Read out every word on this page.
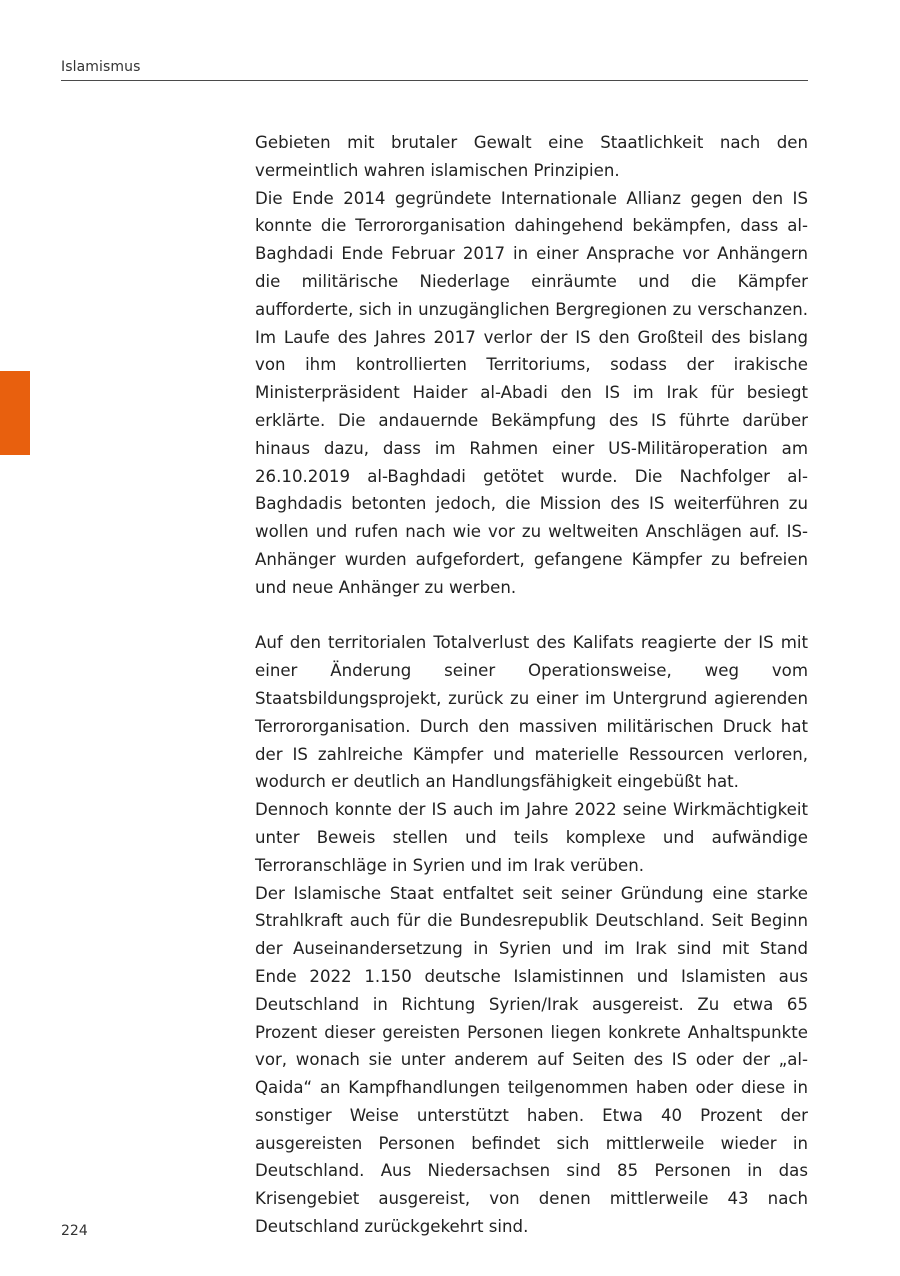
Islamismus

Gebieten mit brutaler Gewalt eine Staatlichkeit nach den vermeintlich wahren islamischen Prinzipien.

Die Ende 2014 gegründete Internationale Allianz gegen den IS konnte die Terrororganisation dahingehend bekämpfen, dass al-Baghdadi Ende Februar 2017 in einer Ansprache vor Anhängern die militärische Niederlage einräumte und die Kämpfer aufforderte, sich in unzugänglichen Bergregionen zu verschanzen. Im Laufe des Jahres 2017 verlor der IS den Großteil des bislang von ihm kontrollierten Territoriums, sodass der irakische Ministerpräsident Haider al-Abadi den IS im Irak für besiegt erklärte. Die andauernde Bekämpfung des IS führte darüber hinaus dazu, dass im Rahmen einer US-Militäroperation am 26.10.2019 al-Baghdadi getötet wurde. Die Nachfolger al-Baghdadis betonten jedoch, die Mission des IS weiterführen zu wollen und rufen nach wie vor zu weltweiten Anschlägen auf. IS-Anhänger wurden aufgefordert, gefangene Kämpfer zu befreien und neue Anhänger zu werben.

Auf den territorialen Totalverlust des Kalifats reagierte der IS mit einer Änderung seiner Operationsweise, weg vom Staatsbildungsprojekt, zurück zu einer im Untergrund agierenden Terrororganisation. Durch den massiven militärischen Druck hat der IS zahlreiche Kämpfer und materielle Ressourcen verloren, wodurch er deutlich an Handlungsfähigkeit eingebüßt hat.

Dennoch konnte der IS auch im Jahre 2022 seine Wirkmächtigkeit unter Beweis stellen und teils komplexe und aufwändige Terroranschläge in Syrien und im Irak verüben.

Der Islamische Staat entfaltet seit seiner Gründung eine starke Strahlkraft auch für die Bundesrepublik Deutschland. Seit Beginn der Auseinandersetzung in Syrien und im Irak sind mit Stand Ende 2022 1.150 deutsche Islamistinnen und Islamisten aus Deutschland in Richtung Syrien/Irak ausgereist. Zu etwa 65 Prozent dieser gereisten Personen liegen konkrete Anhaltspunkte vor, wonach sie unter anderem auf Seiten des IS oder der „al-Qaida“ an Kampfhandlungen teilgenommen haben oder diese in sonstiger Weise unterstützt haben. Etwa 40 Prozent der ausgereisten Personen befindet sich mittlerweile wieder in Deutschland. Aus Niedersachsen sind 85 Personen in das Krisengebiet ausgereist, von denen mittlerweile 43 nach Deutschland zurückgekehrt sind.

224
